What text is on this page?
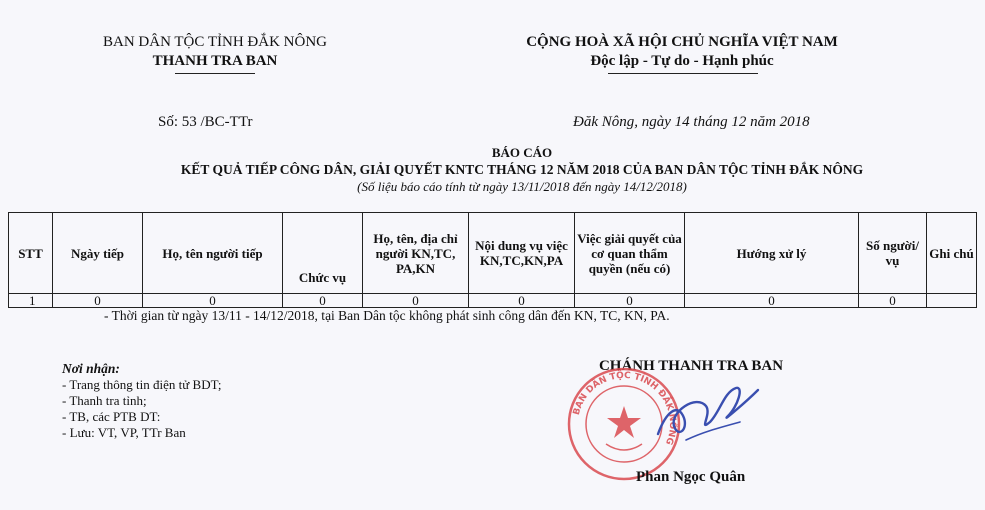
BAN DÂN TỘC TỈNH ĐẮK NÔNG
THANH TRA BAN
CỘNG HOÀ XÃ HỘI CHỦ NGHĨA VIỆT NAM
Độc lập - Tự do - Hạnh phúc
Số: 53 /BC-TTr	Đăk Nông, ngày 14 tháng 12 năm 2018
BÁO CÁO
KẾT QUẢ TIẾP CÔNG DÂN, GIẢI QUYẾT KNTC THÁNG 12 NĂM 2018 CỦA BAN DÂN TỘC TỈNH ĐẮK NÔNG
(Số liệu báo cáo tính từ ngày 13/11/2018 đến ngày 14/12/2018)
STT	Ngày tiếp	Họ, tên người tiếp	Chức vụ	Họ, tên, địa chỉ người KN,TC, PA,KN	Nội dung vụ việc KN,TC,KN,PA	Việc giải quyết của cơ quan thẩm quyền (nếu có)	Hướng xử lý	Số người/ vụ	Ghi chú
1	0	0	0	0	0	0	0	0	
- Thời gian từ ngày 13/11 - 14/12/2018, tại Ban Dân tộc không phát sinh công dân đến KN, TC, KN, PA.
Nơi nhận:
- Trang thông tin điện tử BDT;
- Thanh tra tỉnh;
- TB, các PTB DT:
- Lưu: VT, VP, TTr Ban
CHÁNH THANH TRA BAN
BAN DÂN TỘC TỈNH ĐẮK NÔNG
Phan Ngọc Quân
